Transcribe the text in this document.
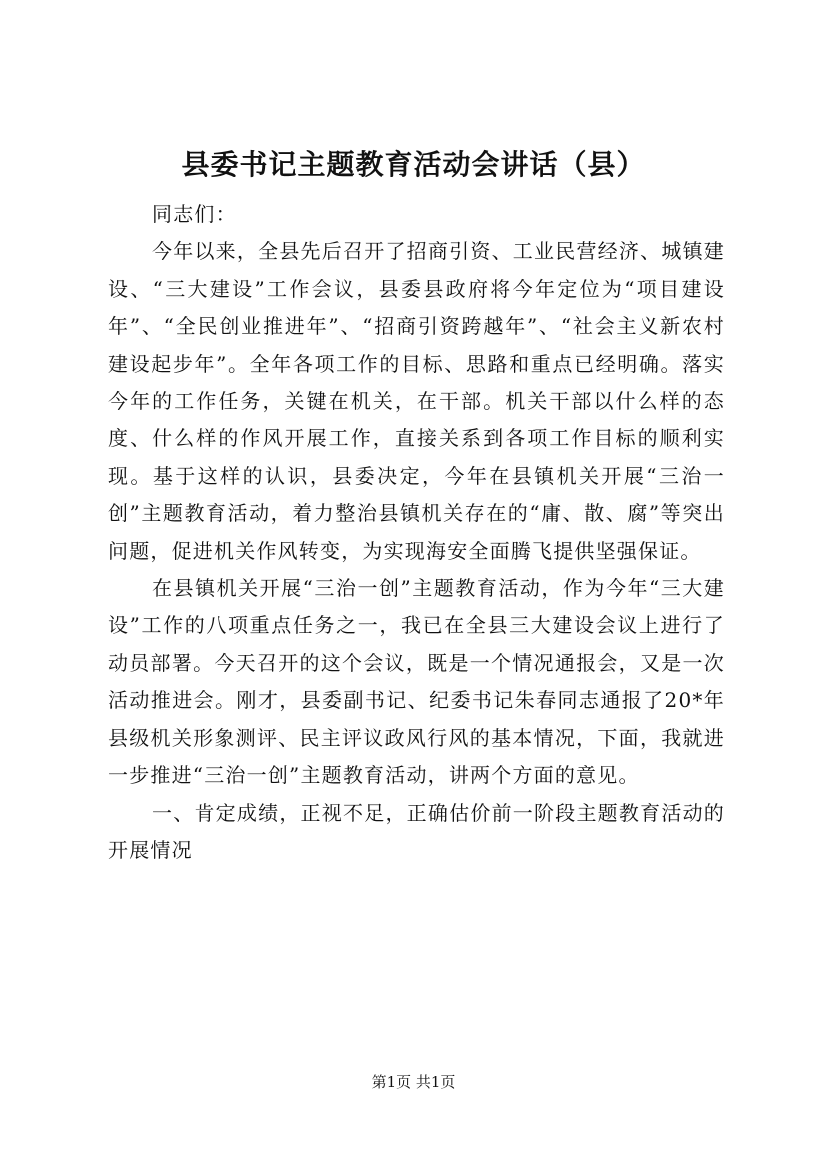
县委书记主题教育活动会讲话（县）

同志们：

今年以来，全县先后召开了招商引资、工业民营经济、城镇建设、“三大建设”工作会议，县委县政府将今年定位为“项目建设年”、“全民创业推进年”、“招商引资跨越年”、“社会主义新农村建设起步年”。全年各项工作的目标、思路和重点已经明确。落实今年的工作任务，关键在机关，在干部。机关干部以什么样的态度、什么样的作风开展工作，直接关系到各项工作目标的顺利实现。基于这样的认识，县委决定，今年在县镇机关开展“三治一创”主题教育活动，着力整治县镇机关存在的“庸、散、腐”等突出问题，促进机关作风转变，为实现海安全面腾飞提供坚强保证。

在县镇机关开展“三治一创”主题教育活动，作为今年“三大建设”工作的八项重点任务之一，我已在全县三大建设会议上进行了动员部署。今天召开的这个会议，既是一个情况通报会，又是一次活动推进会。刚才，县委副书记、纪委书记朱春同志通报了20*年县级机关形象测评、民主评议政风行风的基本情况，下面，我就进一步推进“三治一创”主题教育活动，讲两个方面的意见。

一、肯定成绩，正视不足，正确估价前一阶段主题教育活动的开展情况

第1页 共1页
